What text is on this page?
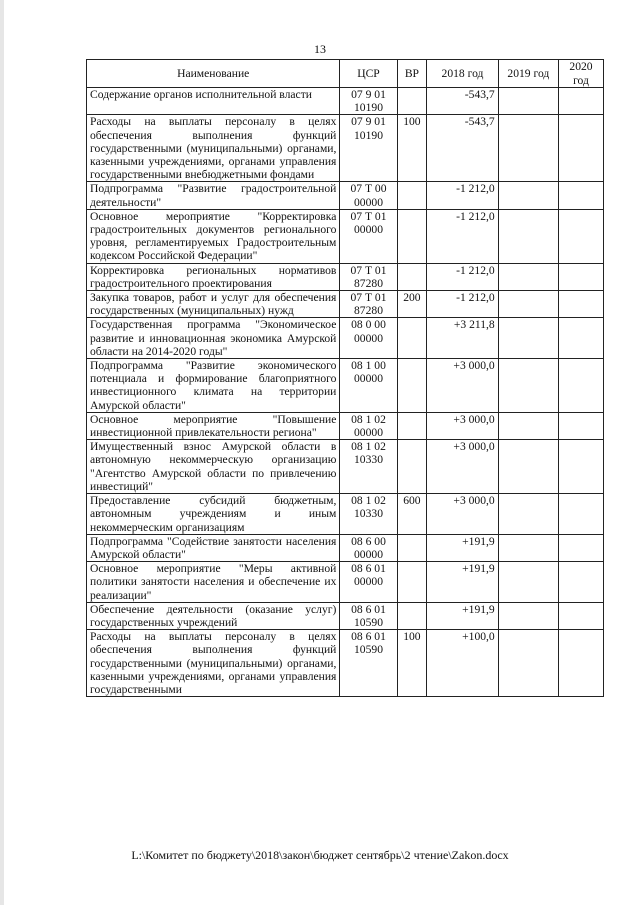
13
Наименование	ЦСР	ВР	2018 год	2019 год	2020 год
Содержание органов исполнительной власти	07 9 01 10190		-543,7		
Расходы на выплаты персоналу в целях обеспечения выполнения функций государственными (муниципальными) органами, казенными учреждениями, органами управления государственными внебюджетными фондами	07 9 01 10190	100	-543,7		
Подпрограмма "Развитие градостроительной деятельности"	07 Т 00 00000		-1 212,0		
Основное мероприятие "Корректировка градостроительных документов регионального уровня, регламентируемых Градостроительным кодексом Российской Федерации"	07 Т 01 00000		-1 212,0		
Корректировка региональных нормативов градостроительного проектирования	07 Т 01 87280		-1 212,0		
Закупка товаров, работ и услуг для обеспечения государственных (муниципальных) нужд	07 Т 01 87280	200	-1 212,0		
Государственная программа "Экономическое развитие и инновационная экономика Амурской области на 2014-2020 годы"	08 0 00 00000		+3 211,8		
Подпрограмма "Развитие экономического потенциала и формирование благоприятного инвестиционного климата на территории Амурской области"	08 1 00 00000		+3 000,0		
Основное мероприятие "Повышение инвестиционной привлекательности региона"	08 1 02 00000		+3 000,0		
Имущественный взнос Амурской области в автономную некоммерческую организацию "Агентство Амурской области по привлечению инвестиций"	08 1 02 10330		+3 000,0		
Предоставление субсидий бюджетным, автономным учреждениям и иным некоммерческим организациям	08 1 02 10330	600	+3 000,0		
Подпрограмма "Содействие занятости населения Амурской области"	08 6 00 00000		+191,9		
Основное мероприятие "Меры активной политики занятости населения и обеспечение их реализации"	08 6 01 00000		+191,9		
Обеспечение деятельности (оказание услуг) государственных учреждений	08 6 01 10590		+191,9		
Расходы на выплаты персоналу в целях обеспечения выполнения функций государственными (муниципальными) органами, казенными учреждениями, органами управления государственными	08 6 01 10590	100	+100,0		
L:\Комитет по бюджету\2018\закон\бюджет сентябрь\2 чтение\Zakon.docx
